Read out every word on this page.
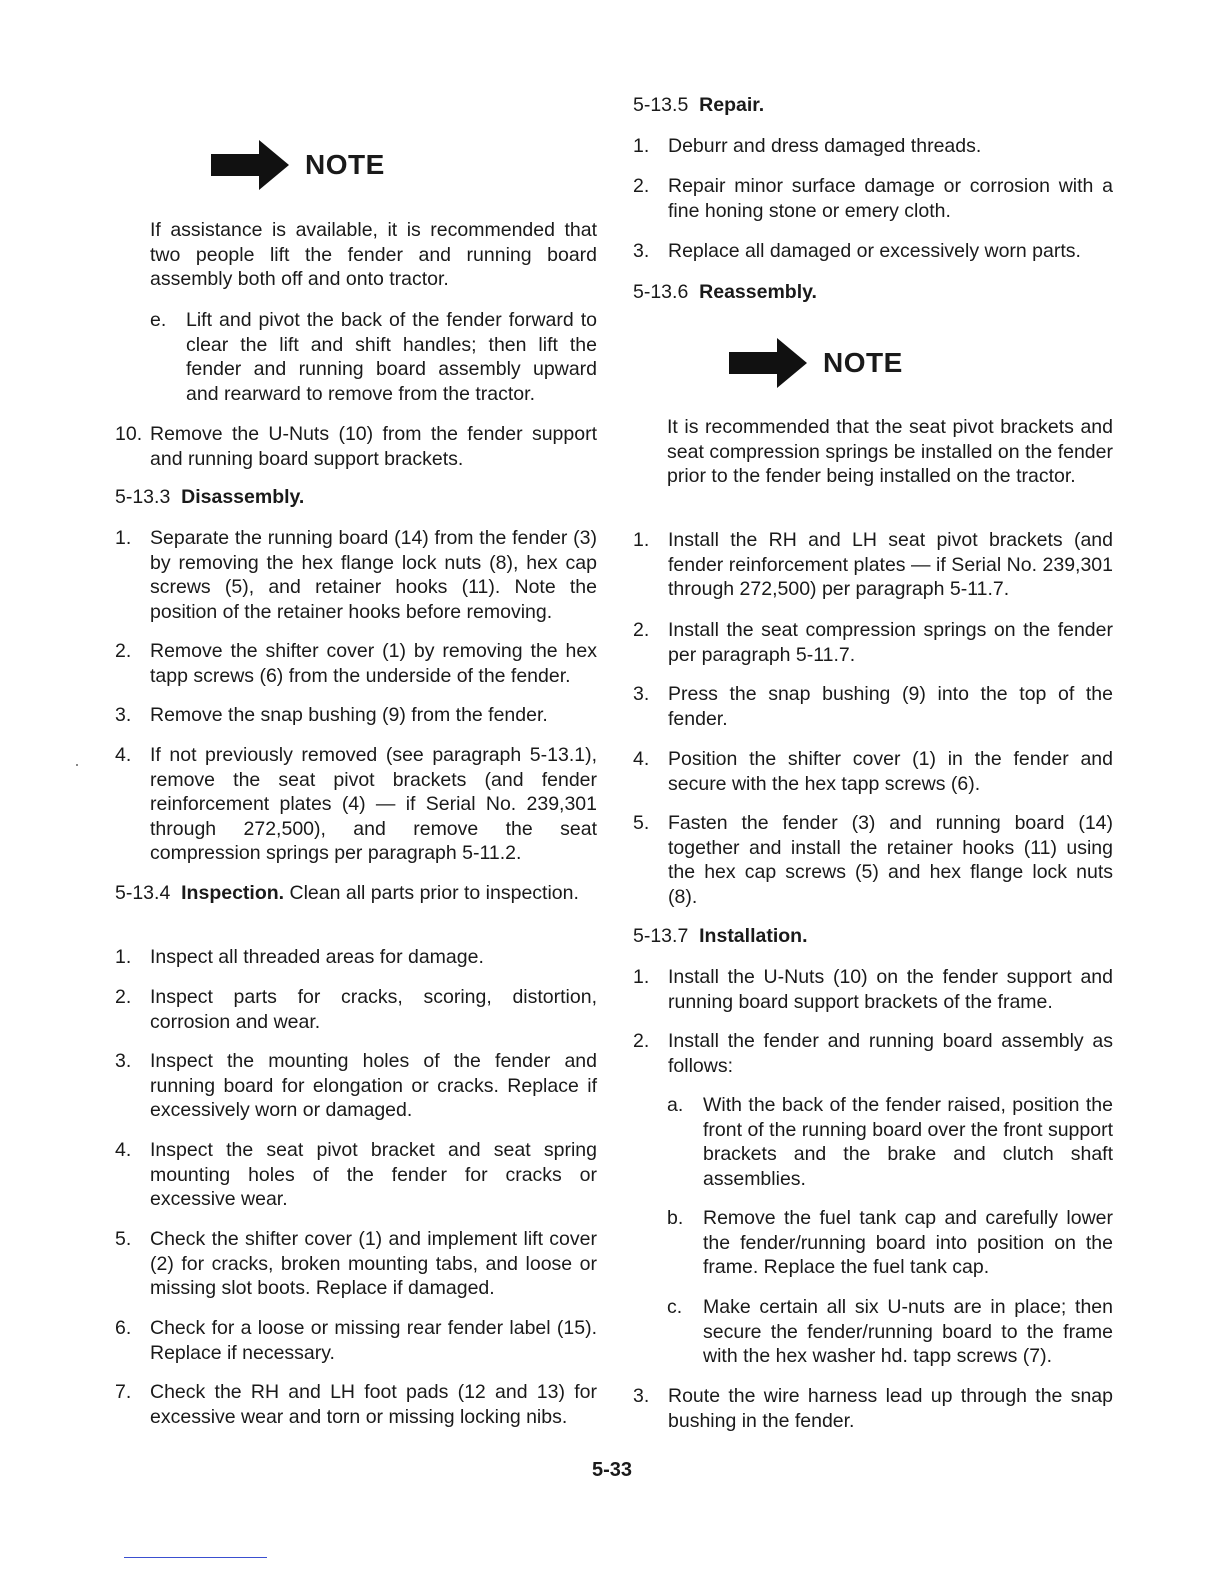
NOTE
If assistance is available, it is recommended that two people lift the fender and running board assembly both off and onto tractor.
e.	Lift and pivot the back of the fender forward to clear the lift and shift handles; then lift the fender and running board assembly upward and rearward to remove from the tractor.
10. Remove the U-Nuts (10) from the fender support and running board support brackets.
5-13.3 Disassembly.
1. Separate the running board (14) from the fender (3) by removing the hex flange lock nuts (8), hex cap screws (5), and retainer hooks (11). Note the position of the retainer hooks before removing.
2. Remove the shifter cover (1) by removing the hex tapp screws (6) from the underside of the fender.
3. Remove the snap bushing (9) from the fender.
4. If not previously removed (see paragraph 5-13.1), remove the seat pivot brackets (and fender reinforcement plates (4) — if Serial No. 239,301 through 272,500), and remove the seat compression springs per paragraph 5-11.2.
5-13.4 Inspection. Clean all parts prior to inspection.
1. Inspect all threaded areas for damage.
2. Inspect parts for cracks, scoring, distortion, corrosion and wear.
3. Inspect the mounting holes of the fender and running board for elongation or cracks. Replace if excessively worn or damaged.
4. Inspect the seat pivot bracket and seat spring mounting holes of the fender for cracks or excessive wear.
5. Check the shifter cover (1) and implement lift cover (2) for cracks, broken mounting tabs, and loose or missing slot boots. Replace if damaged.
6. Check for a loose or missing rear fender label (15). Replace if necessary.
7. Check the RH and LH foot pads (12 and 13) for excessive wear and torn or missing locking nibs.
5-13.5 Repair.
1. Deburr and dress damaged threads.
2. Repair minor surface damage or corrosion with a fine honing stone or emery cloth.
3. Replace all damaged or excessively worn parts.
5-13.6 Reassembly.
NOTE
It is recommended that the seat pivot brackets and seat compression springs be installed on the fender prior to the fender being installed on the tractor.
1. Install the RH and LH seat pivot brackets (and fender reinforcement plates — if Serial No. 239,301 through 272,500) per paragraph 5-11.7.
2. Install the seat compression springs on the fender per paragraph 5-11.7.
3. Press the snap bushing (9) into the top of the fender.
4. Position the shifter cover (1) in the fender and secure with the hex tapp screws (6).
5. Fasten the fender (3) and running board (14) together and install the retainer hooks (11) using the hex cap screws (5) and hex flange lock nuts (8).
5-13.7 Installation.
1. Install the U-Nuts (10) on the fender support and running board support brackets of the frame.
2. Install the fender and running board assembly as follows:
a.	With the back of the fender raised, position the front of the running board over the front support brackets and the brake and clutch shaft assemblies.
b.	Remove the fuel tank cap and carefully lower the fender/running board into position on the frame. Replace the fuel tank cap.
c.	Make certain all six U-nuts are in place; then secure the fender/running board to the frame with the hex washer hd. tapp screws (7).
3. Route the wire harness lead up through the snap bushing in the fender.
5-33
